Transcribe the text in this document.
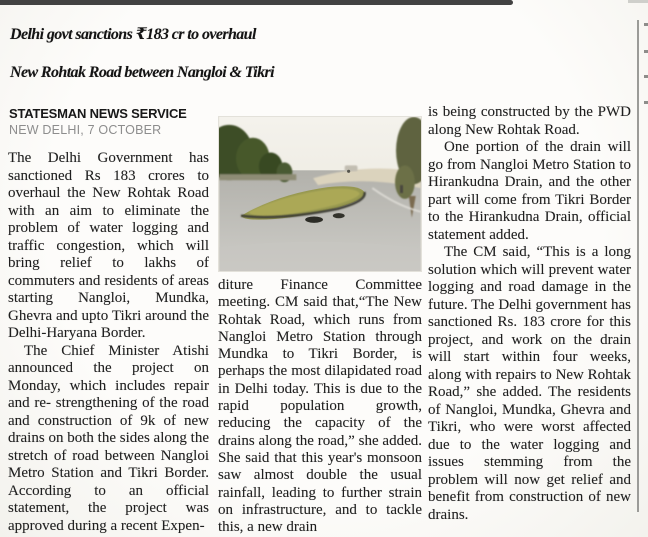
Delhi govt sanctions ₹183 cr to overhaul
New Rohtak Road between Nangloi & Tikri
STATESMAN NEWS SERVICE
NEW DELHI, 7 OCTOBER

The Delhi Government has sanctioned Rs 183 crores to overhaul the New Rohtak Road with an aim to eliminate the problem of water logging and traffic congestion, which will bring relief to lakhs of commuters and residents of areas starting Nangloi, Mundka, Ghevra and upto Tikri around the Delhi-Haryana Border.

The Chief Minister Atishi announced the project on Monday, which includes repair and re- strengthening of the road and construction of 9k of new drains on both the sides along the stretch of road between Nangloi Metro Station and Tikri Border. According to an official statement, the project was approved during a recent Expen-

diture Finance Committee meeting. CM said that,“The New Rohtak Road, which runs from Nangloi Metro Station through Mundka to Tikri Border, is perhaps the most dilapidated road in Delhi today. This is due to the rapid population growth, reducing the capacity of the drains along the road,” she added. She said that this year's monsoon saw almost double the usual rainfall, leading to further strain on infrastructure, and to tackle this, a new drain

is being constructed by the PWD along New Rohtak Road.

One portion of the drain will go from Nangloi Metro Station to Hirankudna Drain, and the other part will come from Tikri Border to the Hirankudna Drain, official statement added.

The CM said, “This is a long solution which will prevent water logging and road damage in the future. The Delhi government has sanctioned Rs. 183 crore for this project, and work on the drain will start within four weeks, along with repairs to New Rohtak Road,” she added. The residents of Nangloi, Mundka, Ghevra and Tikri, who were worst affected due to the water logging and issues stemming from the problem will now get relief and benefit from construction of new drains.
